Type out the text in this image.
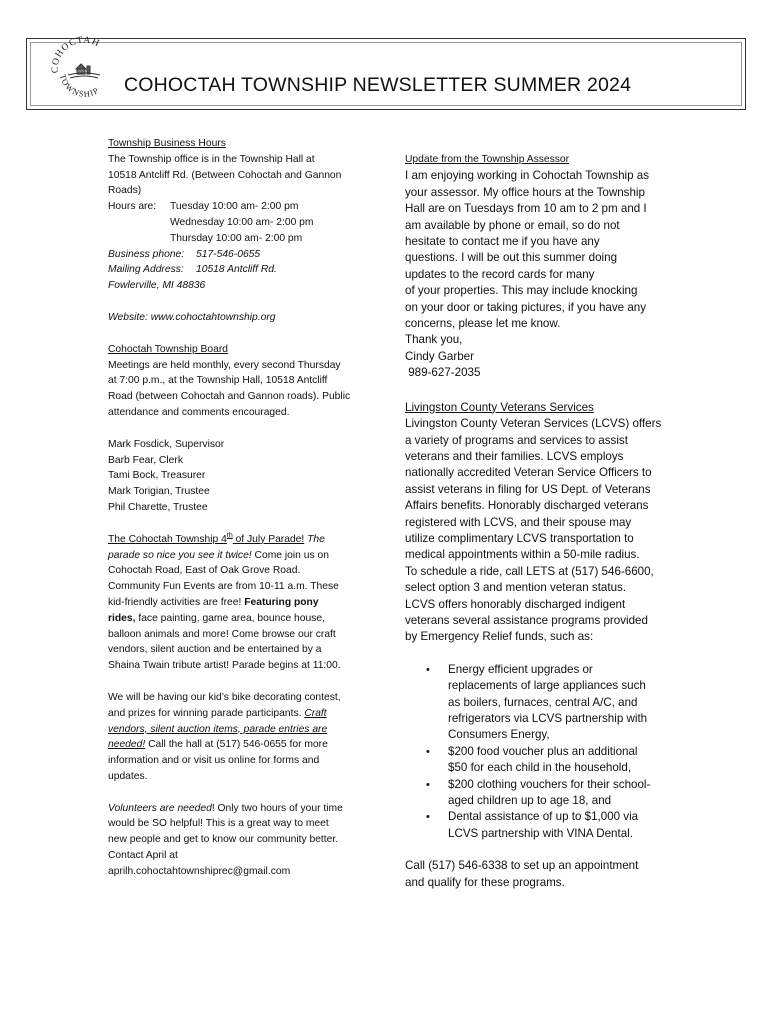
COHOCTAH
TOWNSHIP COHOCTAH TOWNSHIP NEWSLETTER SUMMER 2024
Township Business Hours
The Township office is in the Township Hall at
10518 Antcliff Rd. (Between Cohoctah and Gannon
Roads)
Hours are:	Tuesday 10:00 am- 2:00 pm
Wednesday 10:00 am- 2:00 pm
Thursday 10:00 am- 2:00 pm
Business phone:	517-546-0655
Mailing Address:	10518 Antcliff Rd.
Fowlerville, MI 48836
Website: www.cohoctahtownship.org
Cohoctah Township Board
Meetings are held monthly, every second Thursday
at 7:00 p.m., at the Township Hall, 10518 Antcliff
Road (between Cohoctah and Gannon roads). Public
attendance and comments encouraged.
Mark Fosdick, Supervisor
Barb Fear, Clerk
Tami Bock, Treasurer
Mark Torigian, Trustee
Phil Charette, Trustee
The Cohoctah Township 4th of July Parade! The
parade so nice you see it twice! Come join us on
Cohoctah Road, East of Oak Grove Road.
Community Fun Events are from 10-11 a.m. These
kid-friendly activities are free! Featuring pony
rides, face painting, game area, bounce house,
balloon animals and more! Come browse our craft
vendors, silent auction and be entertained by a
Shaina Twain tribute artist! Parade begins at 11:00.
We will be having our kid’s bike decorating contest,
and prizes for winning parade participants. Craft
vendors, silent auction items, parade entries are
needed! Call the hall at (517) 546-0655 for more
information and or visit us online for forms and
updates.
Volunteers are needed! Only two hours of your time
would be SO helpful! This is a great way to meet
new people and get to know our community better.
Contact April at
aprilh.cohoctahtownshiprec@gmail.com
Update from the Township Assessor
I am enjoying working in Cohoctah Township as
your assessor. My office hours at the Township
Hall are on Tuesdays from 10 am to 2 pm and I
am available by phone or email, so do not
hesitate to contact me if you have any
questions. I will be out this summer doing
updates to the record cards for many
of your properties. This may include knocking
on your door or taking pictures, if you have any
concerns, please let me know.
Thank you,
Cindy Garber
989-627-2035
Livingston County Veterans Services
Livingston County Veteran Services (LCVS) offers
a variety of programs and services to assist
veterans and their families. LCVS employs
nationally accredited Veteran Service Officers to
assist veterans in filing for US Dept. of Veterans
Affairs benefits. Honorably discharged veterans
registered with LCVS, and their spouse may
utilize complimentary LCVS transportation to
medical appointments within a 50-mile radius.
To schedule a ride, call LETS at (517) 546-6600,
select option 3 and mention veteran status.
LCVS offers honorably discharged indigent
veterans several assistance programs provided
by Emergency Relief funds, such as:
• Energy efficient upgrades or
replacements of large appliances such
as boilers, furnaces, central A/C, and
refrigerators via LCVS partnership with
Consumers Energy,
• $200 food voucher plus an additional
$50 for each child in the household,
• $200 clothing vouchers for their school-
aged children up to age 18, and
• Dental assistance of up to $1,000 via
LCVS partnership with VINA Dental.
Call (517) 546-6338 to set up an appointment
and qualify for these programs.
